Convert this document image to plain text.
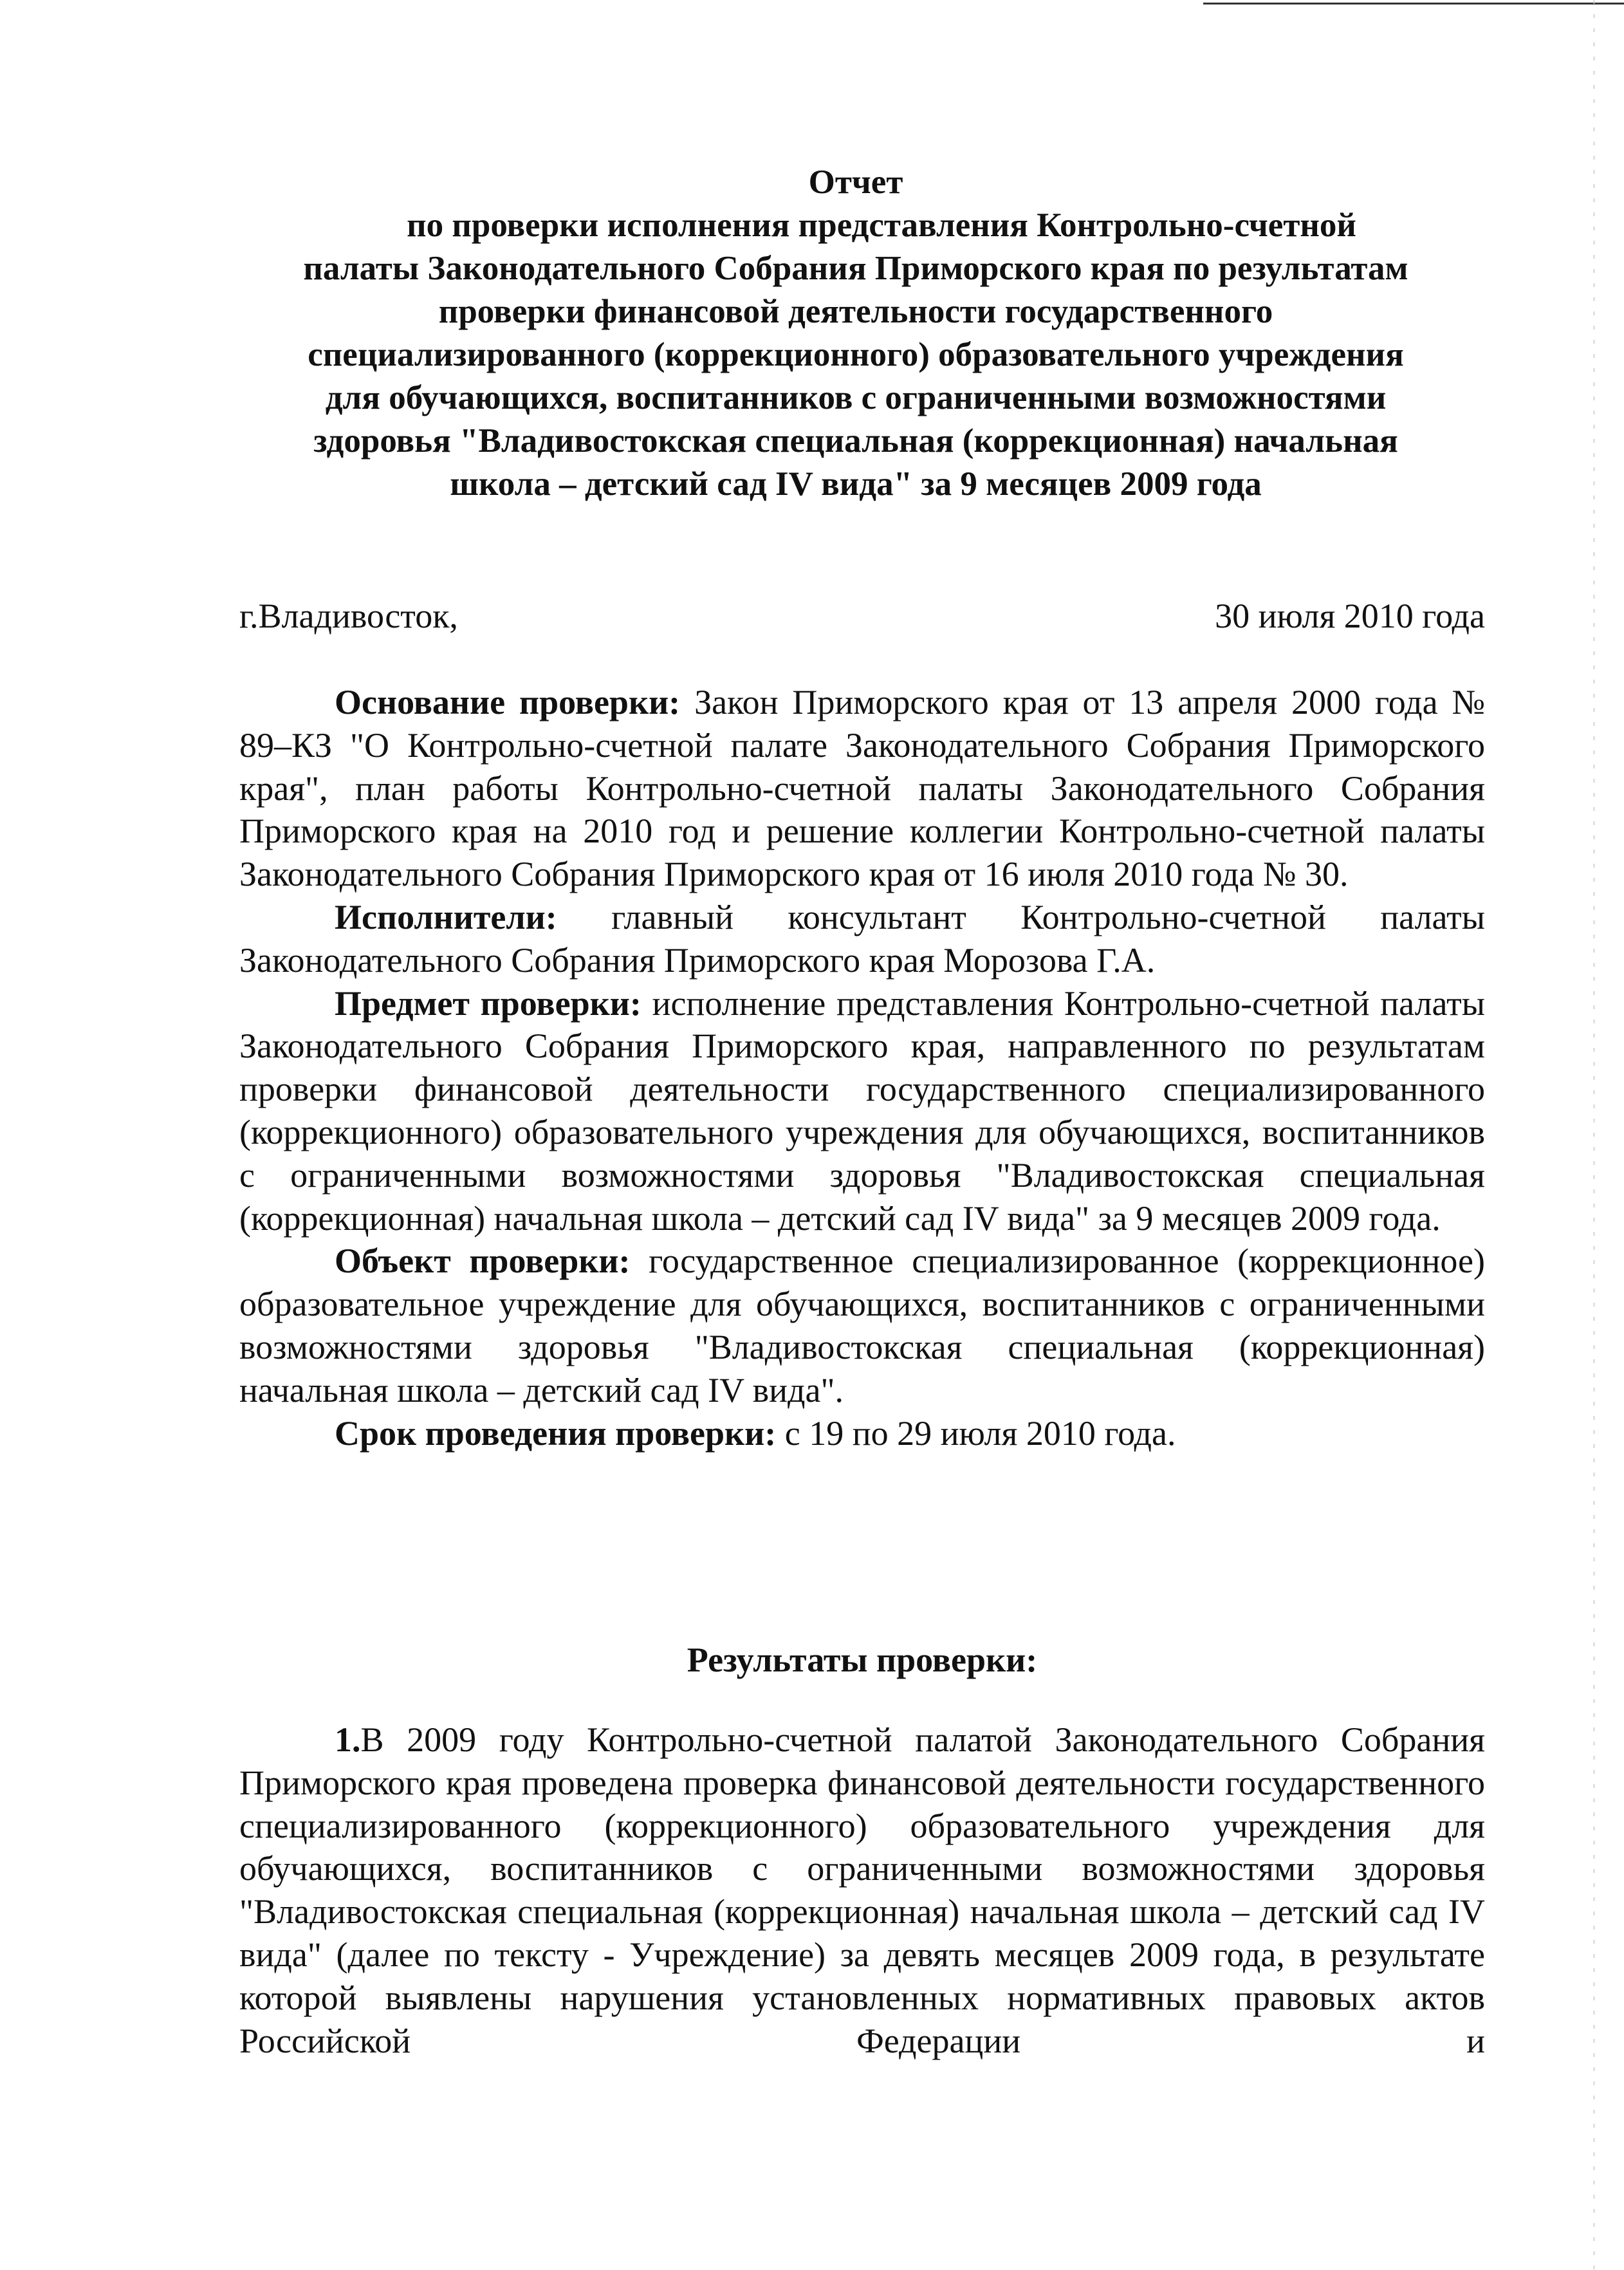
Отчет
по проверки исполнения представления Контрольно-счетной
палаты Законодательного Собрания Приморского края по результатам
проверки финансовой деятельности государственного
специализированного (коррекционного) образовательного учреждения
для обучающихся, воспитанников с ограниченными возможностями
здоровья "Владивостокская специальная (коррекционная) начальная
школа – детский сад IV вида" за 9 месяцев 2009 года
г.Владивосток,	30 июля 2010 года

Основание проверки: Закон Приморского края от 13 апреля 2000 года № 89–КЗ "О Контрольно-счетной палате Законодательного Собрания Приморского края", план работы Контрольно-счетной палаты Законодательного Собрания Приморского края на 2010 год и решение коллегии Контрольно-счетной палаты Законодательного Собрания Приморского края от 16 июля 2010 года № 30.

Исполнители: главный консультант Контрольно-счетной палаты Законодательного Собрания Приморского края Морозова Г.А.

Предмет проверки: исполнение представления Контрольно-счетной палаты Законодательного Собрания Приморского края, направленного по результатам проверки финансовой деятельности государственного специализированного (коррекционного) образовательного учреждения для обучающихся, воспитанников с ограниченными возможностями здоровья "Владивостокская специальная (коррекционная) начальная школа – детский сад IV вида" за 9 месяцев 2009 года.

Объект проверки: государственное специализированное (коррекционное) образовательное учреждение для обучающихся, воспитанников с ограниченными возможностями здоровья "Владивостокская специальная (коррекционная) начальная школа – детский сад IV вида".

Срок проведения проверки: с 19 по 29 июля 2010 года.

Результаты проверки:

1.В 2009 году Контрольно-счетной палатой Законодательного Собрания Приморского края проведена проверка финансовой деятельности государственного специализированного (коррекционного) образовательного учреждения для обучающихся, воспитанников с ограниченными возможностями здоровья "Владивостокская специальная (коррекционная) начальная школа – детский сад IV вида" (далее по тексту - Учреждение) за девять месяцев 2009 года, в результате которой выявлены нарушения установленных нормативных правовых актов Российской Федерации и
